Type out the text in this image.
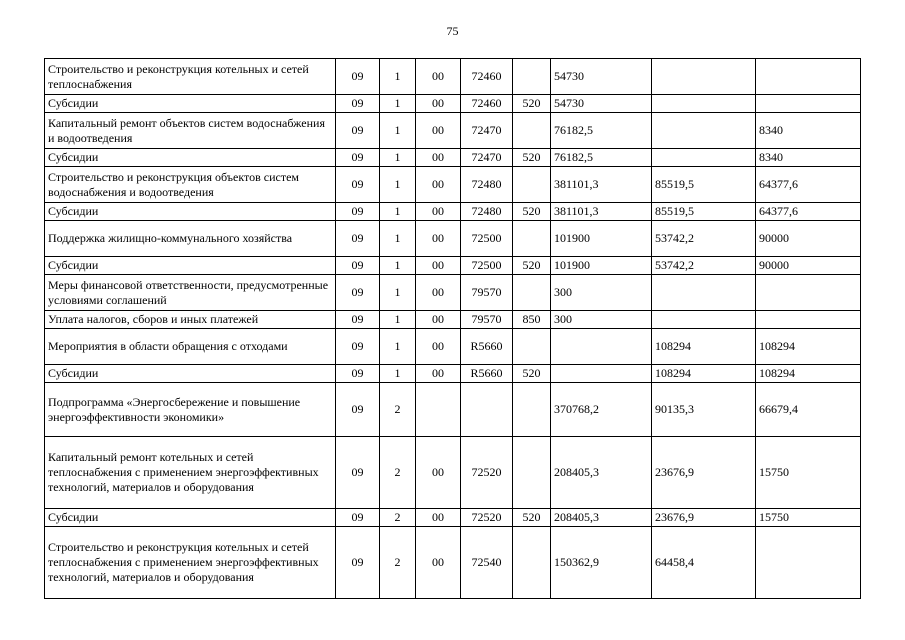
75
Строительство и реконструкция котельных и сетей теплоснабжения	09	1	00	72460		54730		
Субсидии	09	1	00	72460	520	54730		
Капитальный ремонт объектов систем водоснабжения и водоотведения	09	1	00	72470		76182,5		8340
Субсидии	09	1	00	72470	520	76182,5		8340
Строительство и реконструкция объектов систем водоснабжения и водоотведения	09	1	00	72480		381101,3	85519,5	64377,6
Субсидии	09	1	00	72480	520	381101,3	85519,5	64377,6
Поддержка жилищно-коммунального хозяйства	09	1	00	72500		101900	53742,2	90000
Субсидии	09	1	00	72500	520	101900	53742,2	90000
Меры финансовой ответственности, предусмотренные условиями соглашений	09	1	00	79570		300		
Уплата налогов, сборов и иных платежей	09	1	00	79570	850	300		
Мероприятия в области обращения с отходами	09	1	00	R5660			108294	108294
Субсидии	09	1	00	R5660	520		108294	108294
Подпрограмма «Энергосбережение и повышение энергоэффективности экономики»	09	2				370768,2	90135,3	66679,4
Капитальный ремонт котельных и сетей теплоснабжения с применением энергоэффективных технологий, материалов и оборудования	09	2	00	72520		208405,3	23676,9	15750
Субсидии	09	2	00	72520	520	208405,3	23676,9	15750
Строительство и реконструкция котельных и сетей теплоснабжения с применением энергоэффективных технологий, материалов и оборудования	09	2	00	72540		150362,9	64458,4	
